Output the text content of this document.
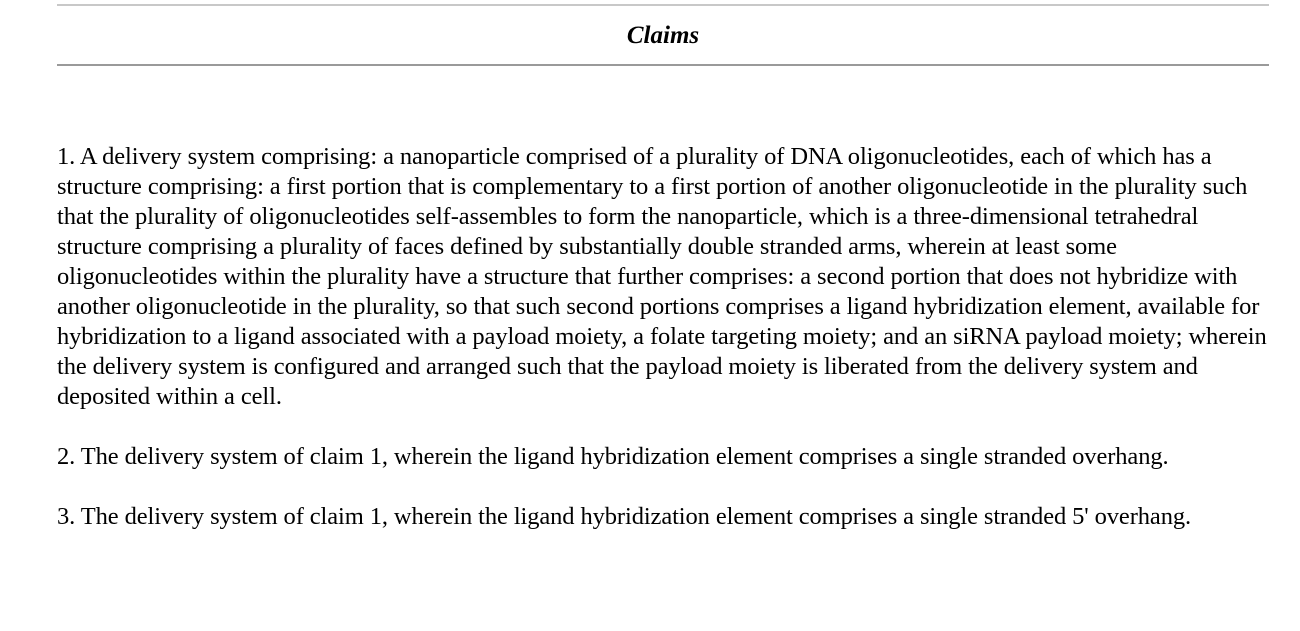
Claims

1. A delivery system comprising: a nanoparticle comprised of a plurality of DNA oligonucleotides, each of which has a structure comprising: a first portion that is complementary to a first portion of another oligonucleotide in the plurality such that the plurality of oligonucleotides self-assembles to form the nanoparticle, which is a three-dimensional tetrahedral structure comprising a plurality of faces defined by substantially double stranded arms, wherein at least some oligonucleotides within the plurality have a structure that further comprises: a second portion that does not hybridize with another oligonucleotide in the plurality, so that such second portions comprises a ligand hybridization element, available for hybridization to a ligand associated with a payload moiety, a folate targeting moiety; and an siRNA payload moiety; wherein the delivery system is configured and arranged such that the payload moiety is liberated from the delivery system and deposited within a cell.

2. The delivery system of claim 1, wherein the ligand hybridization element comprises a single stranded overhang.

3. The delivery system of claim 1, wherein the ligand hybridization element comprises a single stranded 5' overhang.
